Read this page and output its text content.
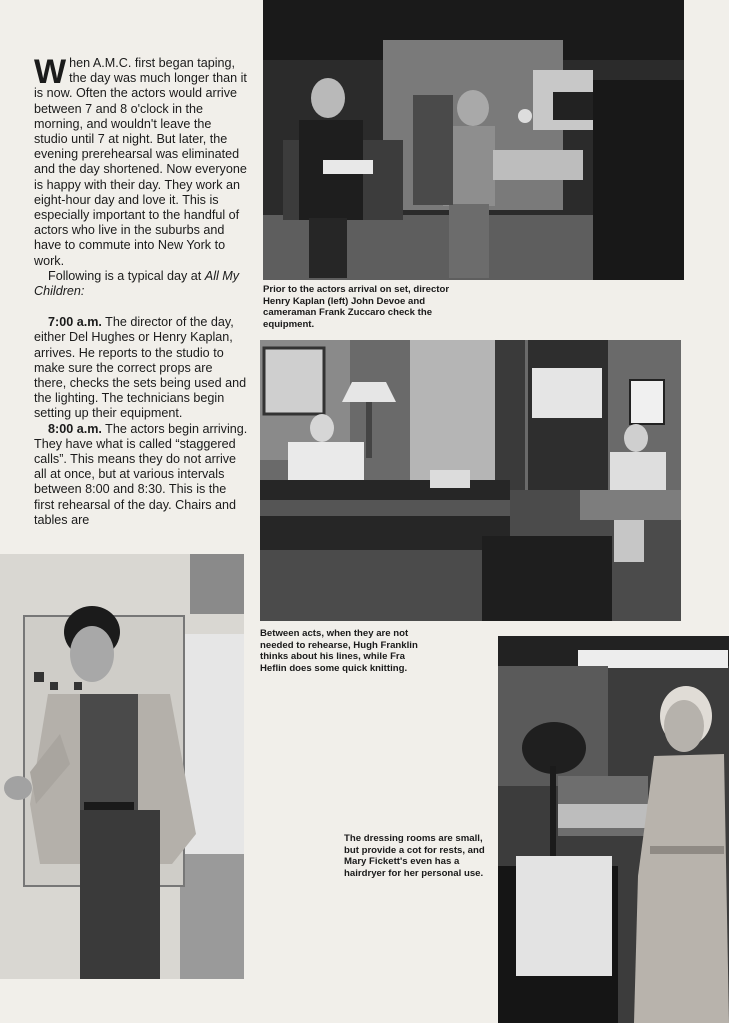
When A.M.C. first began taping, the day was much longer than it is now. Often the actors would arrive between 7 and 8 o'clock in the morning, and wouldn't leave the studio until 7 at night. But later, the evening prerehearsal was eliminated and the day shortened. Now everyone is happy with their day. They work an eight-hour day and love it. This is especially important to the handful of actors who live in the suburbs and have to commute into New York to work.

Following is a typical day at All My Children:

7:00 a.m. The director of the day, either Del Hughes or Henry Kaplan, arrives. He reports to the studio to make sure the correct props are there, checks the sets being used and the lighting. The technicians begin setting up their equipment.

8:00 a.m. The actors begin arriving. They have what is called “staggered calls”. This means they do not arrive all at once, but at various intervals between 8:00 and 8:30. This is the first rehearsal of the day. Chairs and tables are

Prior to the actors arrival on set, director Henry Kaplan (left) John Devoe and cameraman Frank Zuccaro check the equipment.

Between acts, when they are not needed to rehearse, Hugh Franklin thinks about his lines, while Fra Heflin does some quick knitting.

The dressing rooms are small, but provide a cot for rests, and Mary Fickett's even has a hairdryer for her personal use.
